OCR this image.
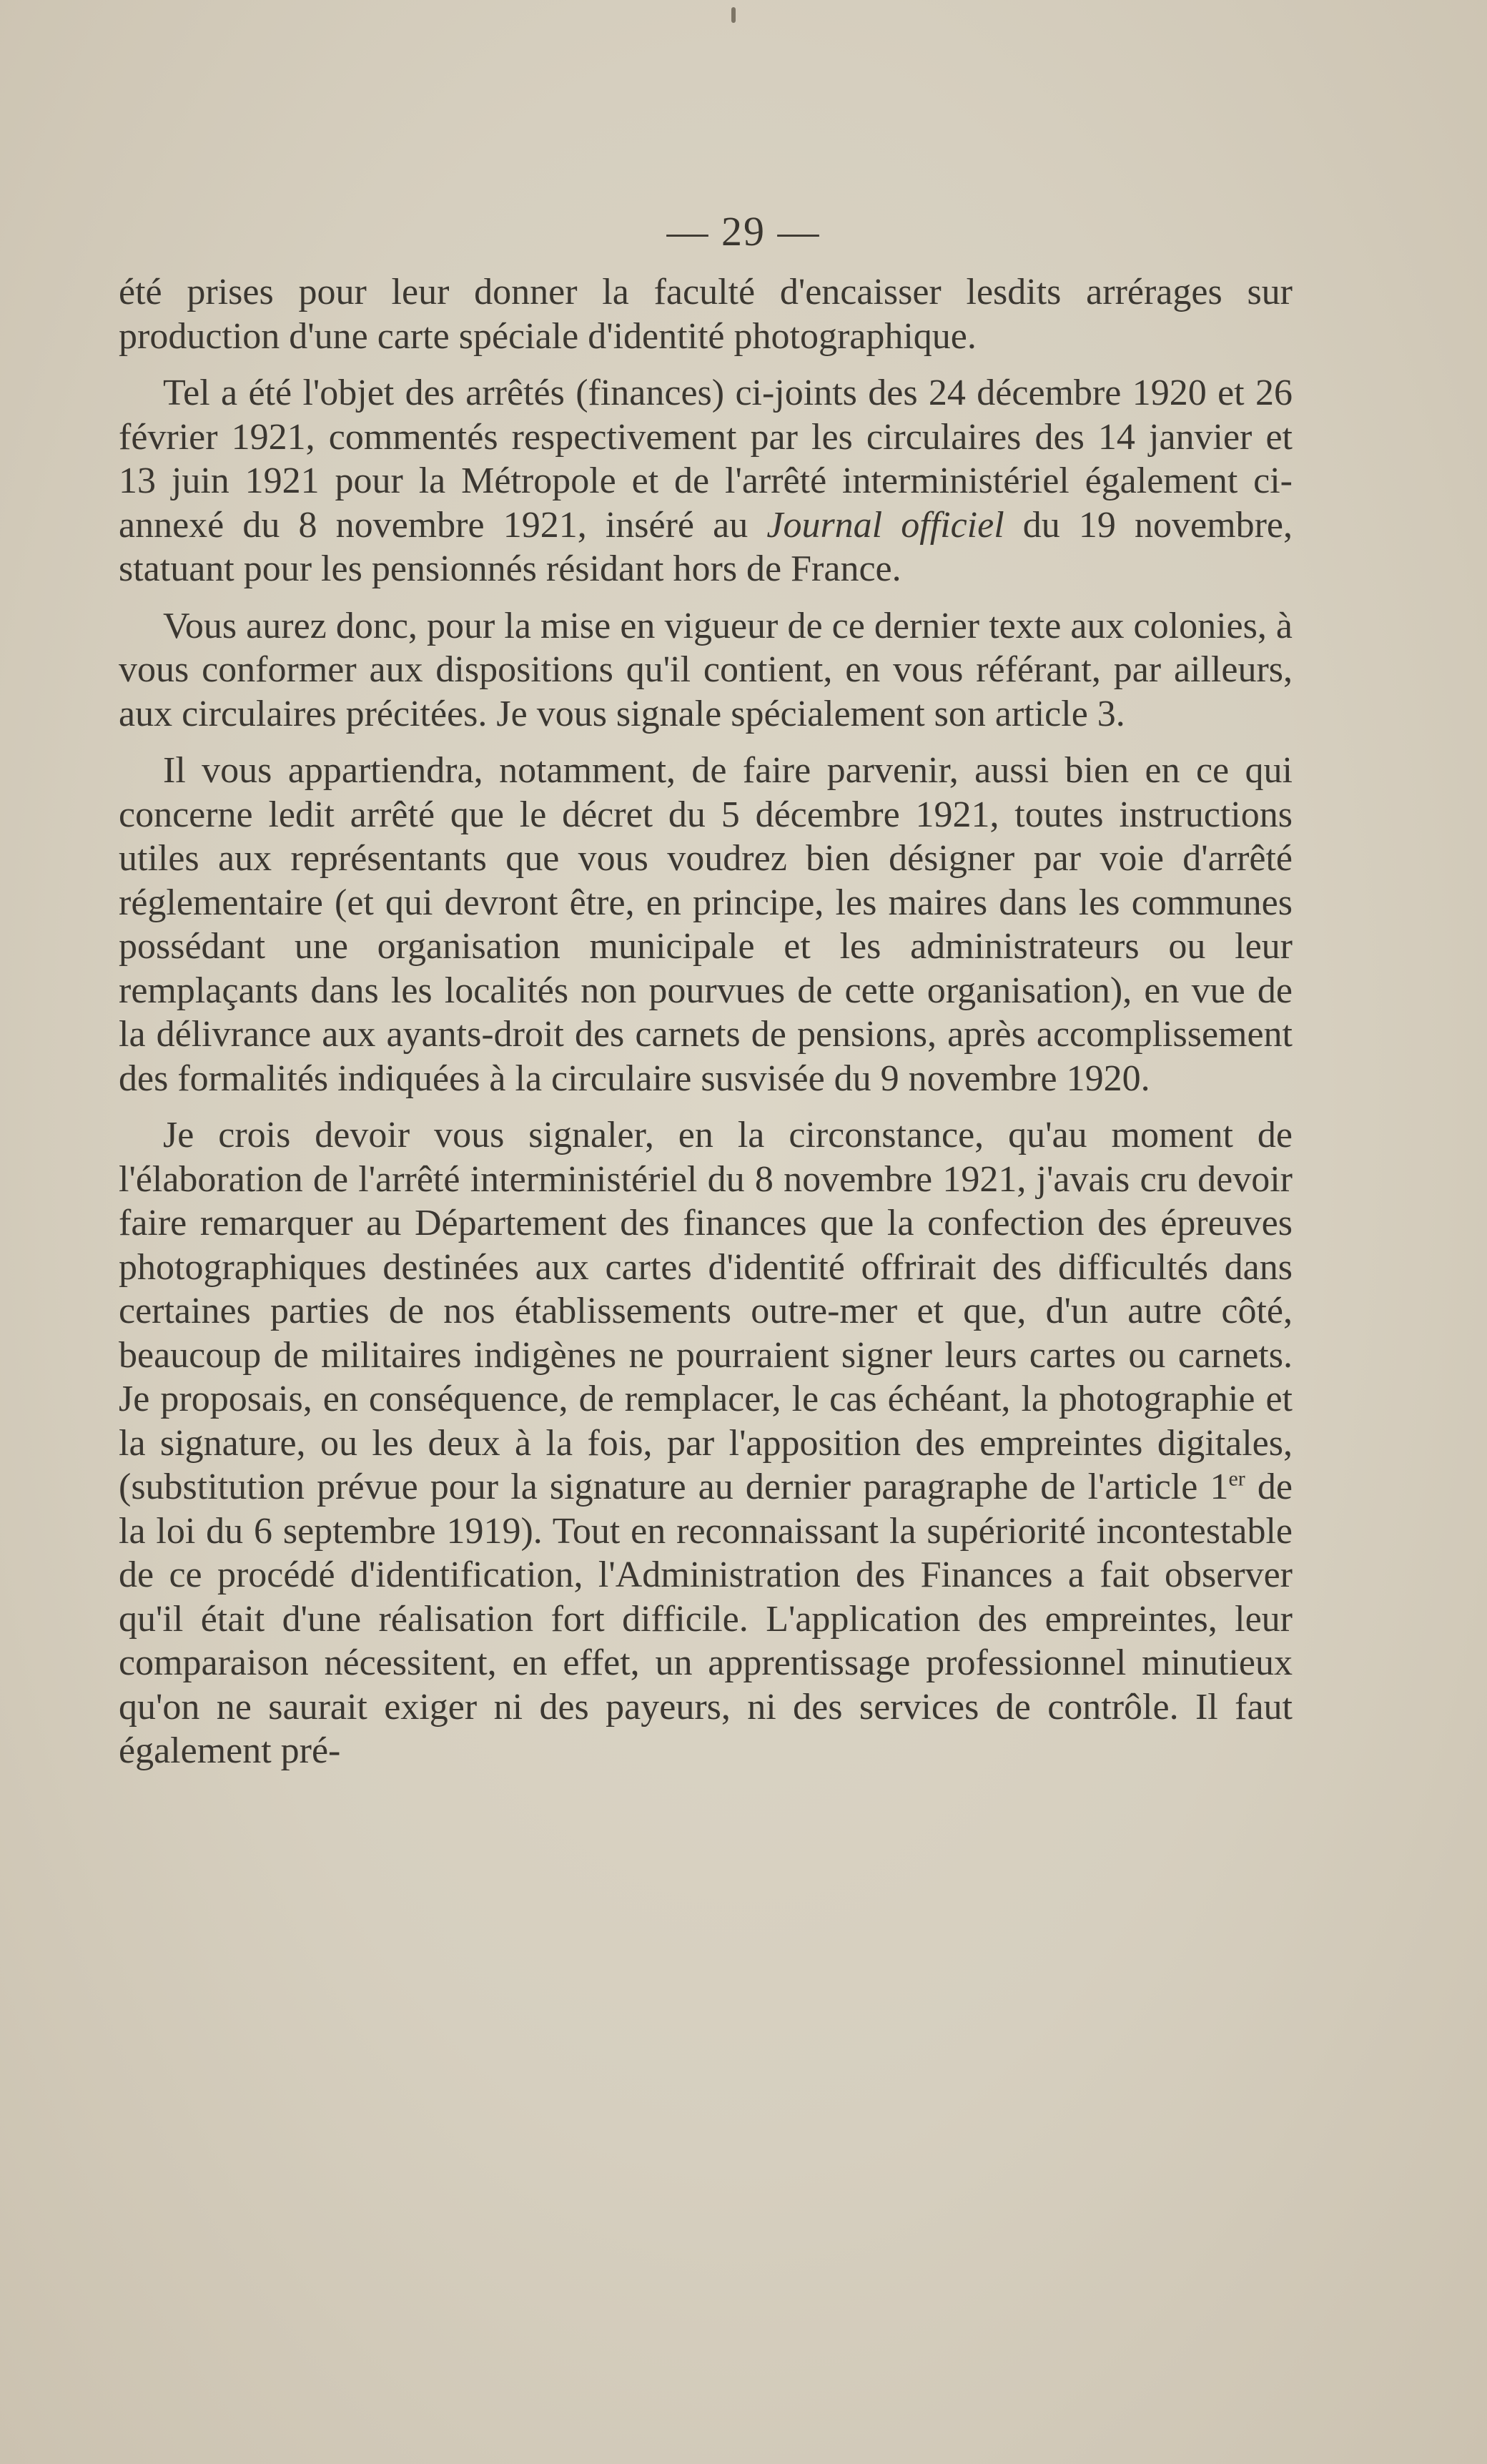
— 29 —

été prises pour leur donner la faculté d'encaisser lesdits arrérages sur production d'une carte spéciale d'identité photographique.

Tel a été l'objet des arrêtés (finances) ci-joints des 24 décembre 1920 et 26 février 1921, commentés respectivement par les circulaires des 14 janvier et 13 juin 1921 pour la Métropole et de l'arrêté interministériel également ci-annexé du 8 novembre 1921, inséré au Journal officiel du 19 novembre, statuant pour les pensionnés résidant hors de France.

Vous aurez donc, pour la mise en vigueur de ce dernier texte aux colonies, à vous conformer aux dispositions qu'il contient, en vous référant, par ailleurs, aux circulaires précitées. Je vous signale spécialement son article 3.

Il vous appartiendra, notamment, de faire parvenir, aussi bien en ce qui concerne ledit arrêté que le décret du 5 décembre 1921, toutes instructions utiles aux représentants que vous voudrez bien désigner par voie d'arrêté réglementaire (et qui devront être, en principe, les maires dans les communes possédant une organisation municipale et les administrateurs ou leur remplaçants dans les localités non pourvues de cette organisation), en vue de la délivrance aux ayants-droit des carnets de pensions, après accomplissement des formalités indiquées à la circulaire susvisée du 9 novembre 1920.

Je crois devoir vous signaler, en la circonstance, qu'au moment de l'élaboration de l'arrêté interministériel du 8 novembre 1921, j'avais cru devoir faire remarquer au Département des finances que la confection des épreuves photographiques destinées aux cartes d'identité offrirait des difficultés dans certaines parties de nos établissements outre-mer et que, d'un autre côté, beaucoup de militaires indigènes ne pourraient signer leurs cartes ou carnets. Je proposais, en conséquence, de remplacer, le cas échéant, la photographie et la signature, ou les deux à la fois, par l'apposition des empreintes digitales, (substitution prévue pour la signature au dernier paragraphe de l'article 1er de la loi du 6 septembre 1919). Tout en reconnaissant la supériorité incontestable de ce procédé d'identification, l'Administration des Finances a fait observer qu'il était d'une réalisation fort difficile. L'application des empreintes, leur comparaison nécessitent, en effet, un apprentissage professionnel minutieux qu'on ne saurait exiger ni des payeurs, ni des services de contrôle. Il faut également pré-
